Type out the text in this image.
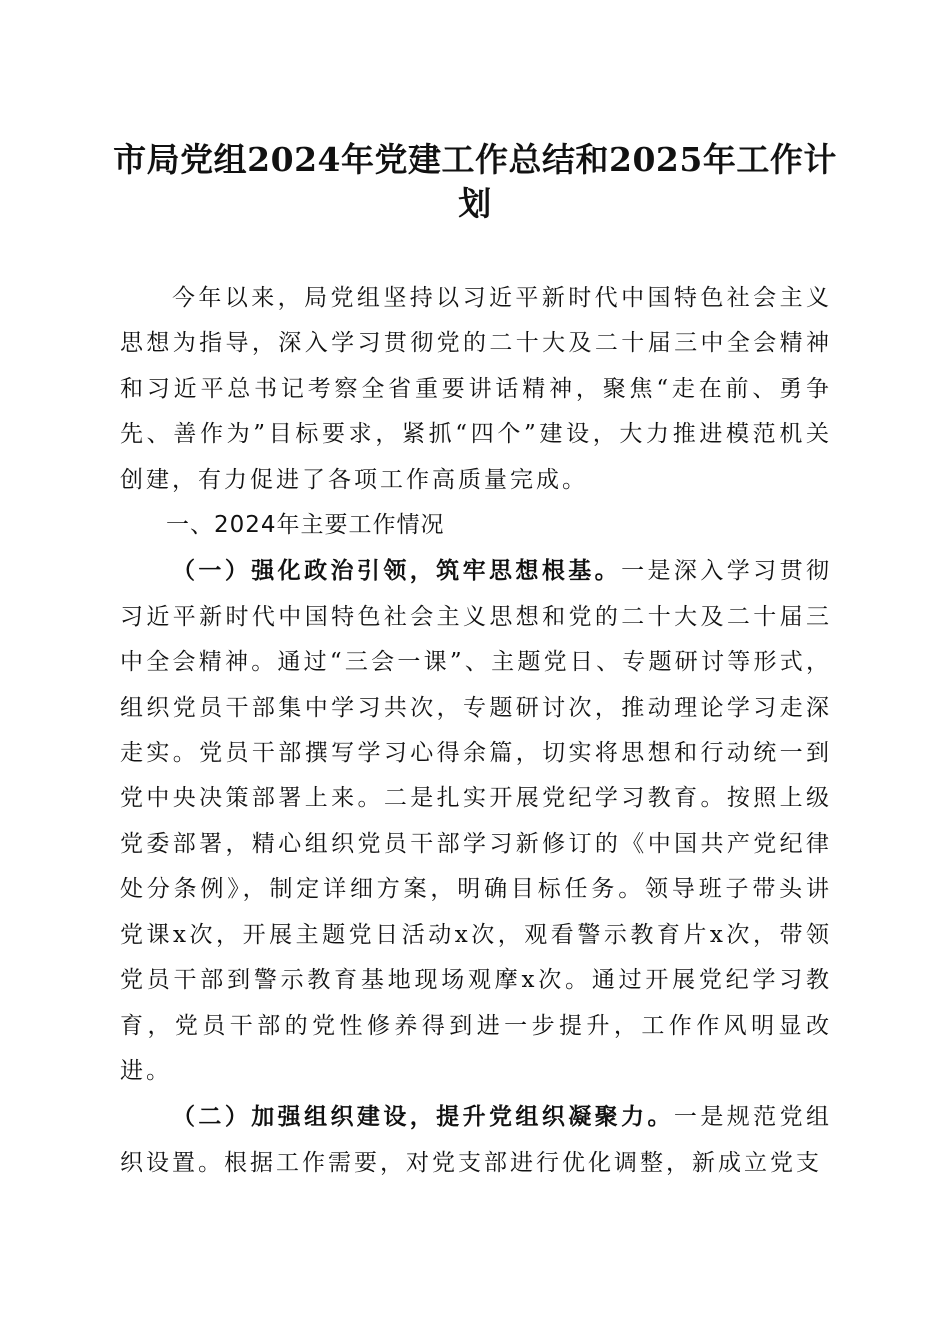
市局党组2024年党建工作总结和2025年工作计划

今年以来，局党组坚持以习近平新时代中国特色社会主义思想为指导，深入学习贯彻党的二十大及二十届三中全会精神和习近平总书记考察全省重要讲话精神，聚焦“走在前、勇争先、善作为”目标要求，紧抓“四个”建设，大力推进模范机关创建，有力促进了各项工作高质量完成。

一、2024年主要工作情况

（一）强化政治引领，筑牢思想根基。一是深入学习贯彻习近平新时代中国特色社会主义思想和党的二十大及二十届三中全会精神。通过“三会一课”、主题党日、专题研讨等形式，组织党员干部集中学习共次，专题研讨次，推动理论学习走深走实。党员干部撰写学习心得余篇，切实将思想和行动统一到党中央决策部署上来。二是扎实开展党纪学习教育。按照上级党委部署，精心组织党员干部学习新修订的《中国共产党纪律处分条例》，制定详细方案，明确目标任务。领导班子带头讲党课x次，开展主题党日活动x次，观看警示教育片x次，带领党员干部到警示教育基地现场观摩x次。通过开展党纪学习教育，党员干部的党性修养得到进一步提升，工作作风明显改进。

（二）加强组织建设，提升党组织凝聚力。一是规范党组织设置。根据工作需要，对党支部进行优化调整，新成立党支
